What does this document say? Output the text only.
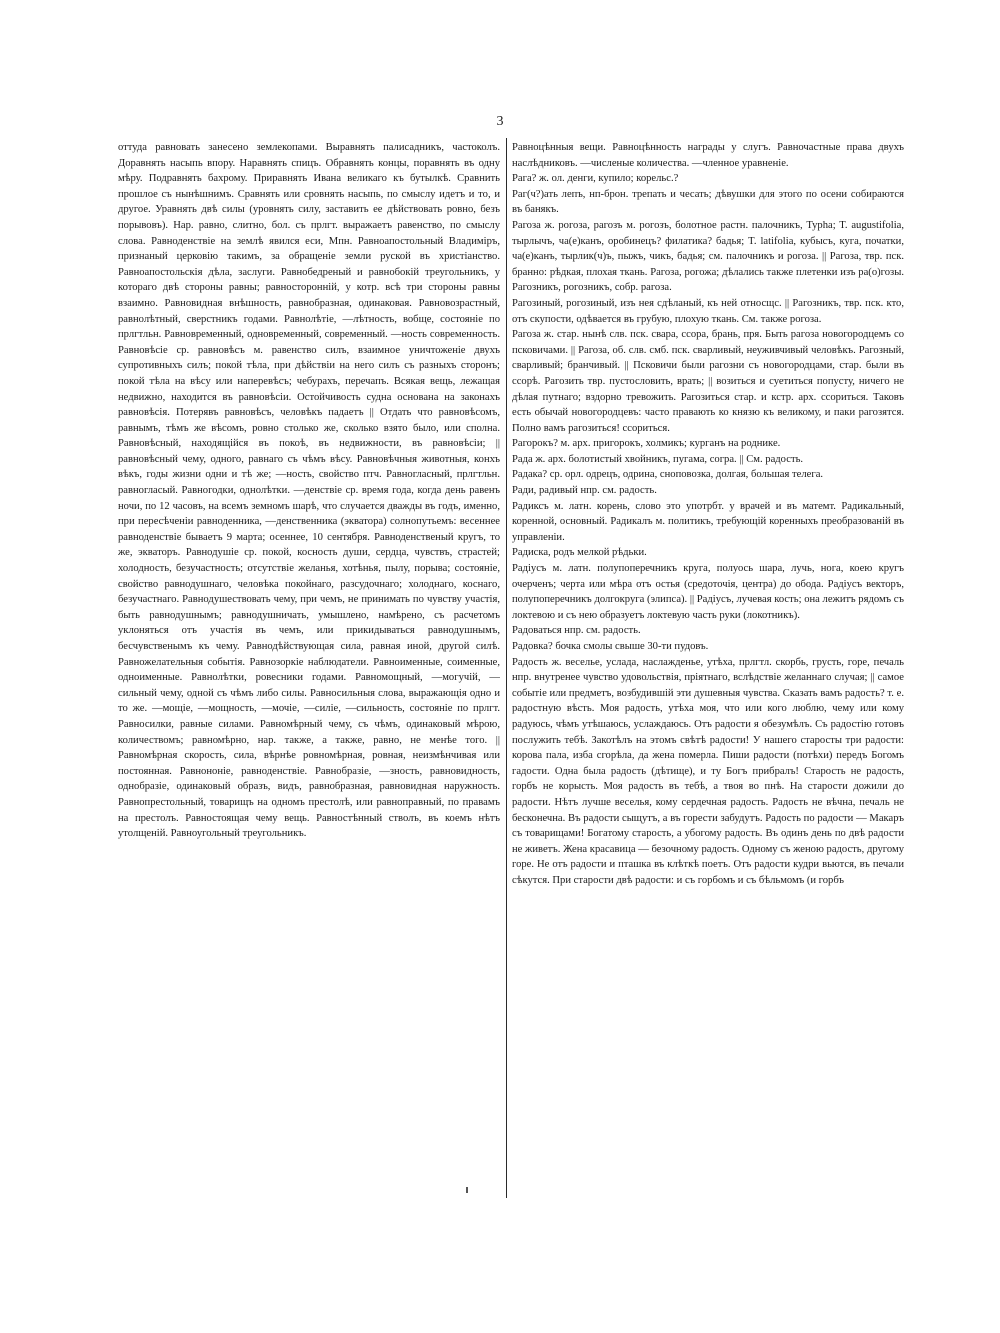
3

оттуда равновать занесено землекопами. Выравнять палисадникъ, частоколъ. Доравнять насыпь впору. Наравнять спицъ. Обравнять концы, поравнять въ одну мѣру. Подравнять бахрому. Приравнять Ивана великаго къ бутылкѣ. Сравнить прошлое съ нынѣшнимъ. Сравнять или сровнять насыпь, по смыслу идетъ и то, и другое. Уравнять двѣ силы (уровнять силу, заставить ее дѣйствовать ровно, безъ порывовъ). Нар. равно, слитно, бол. съ прлгт. выражаетъ равенство, по смыслу слова. Равноденствіе на землѣ явился еси, Мпн. Равноапостольный Владиміръ, признаный церковію такимъ, за обращеніе земли руской въ христіанство. Равноапостольскія дѣла, заслуги. Равнобедреный и равнобокій треугольникъ, у котораго двѣ стороны равны; равносторонній, у котр. всѣ три стороны равны взаимно. Равновидная внѣшность, равнобразная, одинаковая. Равновозрастный, равнолѣтный, сверстникъ годами. Равнолѣтіе, —лѣтность, вобще, состояніе по прлгтльн. Равновременный, одновременный, современный. —ность современность. Равновѣсіе ср. равновѣсъ м. равенство силъ, взаимное уничтоженіе двухъ супротивныхъ силъ; покой тѣла, при дѣйствіи на него силъ съ разныхъ сторонъ; покой тѣла на вѣсу или наперевѣсъ; чебурахъ, перечапъ. Всякая вещь, лежащая недвижно, находится въ равновѣсіи. Остойчивость судна основана на законахъ равновѣсія. Потерявъ равновѣсъ, человѣкъ падаетъ || Отдать что равновѣсомъ, равнымъ, тѣмъ же вѣсомъ, ровно столько же, сколько взято было, или сполна. Равновѣсный, находящійся въ покоѣ, въ недвижности, въ равновѣсіи; || равновѣсный чему, одного, равнаго съ чѣмъ вѣсу. Равновѣчныя животныя, конхъ вѣкъ, годы жизни одни и тѣ же; —ность, свойство птч. Равногласный, прлгтльн. равногласый. Равногодки, однолѣтки. —денствіе ср. время года, когда день равенъ ночи, по 12 часовъ, на всемъ земномъ шарѣ, что случается дважды въ годъ, именно, при пересѣченіи равноденника, —денственника (экватора) солнопутьемъ: весеннее равноденствіе бываетъ 9 марта; осеннее, 10 сентября. Равноденственый кругъ, то же, экваторъ. Равнодушіе ср. покой, косность души, сердца, чувствъ, страстей; холодность, безучастность; отсутствіе желанья, хотѣнья, пылу, порыва; состояніе, свойство равнодушнаго, человѣка покойнаго, разсудочнаго; холоднаго, коснаго, безучастнаго. Равнодушествовать чему, при чемъ, не принимать по чувству участія, быть равнодушнымъ; равнодушничать, умышлено, намѣрено, съ расчетомъ уклоняться отъ участія въ чемъ, или прикидываться равнодушнымъ, бесчувственымъ къ чему. Равнодѣйствующая сила, равная иной, другой силѣ. Равножелательныя событія. Равнозоркіе наблюдатели. Равноименные, соименные, одноименные. Равнолѣтки, ровесники годами. Равномощный, —могучій, —сильный чему, одной съ чѣмъ либо силы. Равносильныя слова, выражающія одно и то же. —мощіе, —мощность, —мочіе, —силіе, —сильность, состояніе по прлгт. Равносилки, равные силами. Равномѣрный чему, съ чѣмъ, одинаковый мѣрою, количествомъ; равномѣрно, нар. также, а также, равно, не менѣе того. || Равномѣрная скорость, сила, вѣрнѣе ровномѣрная, ровная, неизмѣнчивая или постоянная. Равнононіе, равноденствіе. Равнобразіе, —зность, равновидность, однобразіе, одинаковый образъ, видъ, равнобразная, равновидная наружность. Равнопрестольный, товарищъ на одномъ престолѣ, или равноправный, по правамъ на престолъ. Равностоящая чему вещь. Равностѣнный стволъ, въ коемъ нѣтъ утолщеній. Равноугольный треугольникъ.

Равноцѣнныя вещи. Равноцѣнность награды у слугъ. Равночастные права двухъ наслѣдниковъ. —численые количества. —членное уравненіе.

Рага? ж. ол. денги, купило; корельс.?

Раг(ч?)ать лепъ, нп-брон. трепать и чесать; дѣвушки для этого по осени собираются въ банякъ.

Рагоза ж. рогоза, рагозъ м. рогозъ, болотное растн. палочникъ, Typha; T. augustifolia, тырлычъ, ча(е)канъ, оробинецъ? филатика? бадья; T. latifolia, кубысъ, куга, початки, ча(е)канъ, тырлик(ч)ъ, пыжъ, чикъ, бадья; см. палочникъ и рогоза. || Рагоза, твр. пск. бранно: рѣдкая, плохая ткань. Рагоза, рогожа; дѣлались также плетенки изъ ра(о)гозы. Рагозникъ, рогозникъ, собр. рагоза.

Рагозиный, рогозиный, изъ нея сдѣланый, къ ней относщс. || Рагозникъ, твр. пск. кто, отъ скупости, одѣвается въ грубую, плохую ткань. См. также рогоза.

Рагоза ж. стар. нынѣ слв. пск. свара, ссора, брань, пря. Быть рагоза новогородцемъ со псковичами. || Рагоза, об. слв. смб. пск. сварливый, неуживчивый человѣкъ. Рагозный, сварливый; бранчивый. || Псковичи были рагозни съ новогородцами, стар. были въ ссорѣ. Рагозить твр. пустословить, врать; || возиться и суетиться попусту, ничего не дѣлая путнаго; вздорно тревожить. Рагозиться стар. и кстр. арх. ссориться. Таковъ есть обычай новогородцевъ: часто правають ко князю къ великому, и паки рагозятся. Полно вамъ рагозиться! ссориться.

Рагорокъ? м. арх. пригорокъ, холмикъ; курганъ на роднике.

Рада ж. арх. болотистый хвойникъ, пугама, согра. || См. радость.

Радака? ср. орл. одрецъ, одрина, сноповозка, долгая, большая телега.

Ради, радивый нпр. см. радость.

Радиксъ м. латн. корень, слово это употрбт. у врачей и въ матемт. Радикальный, коренной, основный. Радикалъ м. политикъ, требующій коренныхъ преобразованій въ управленіи.

Радиска, родъ мелкой рѣдьки.

Радіусъ м. латн. полупоперечникъ круга, полуось шара, лучь, нога, коею кругъ очерченъ; черта или мѣра отъ остья (средоточія, центра) до обода. Радіусъ векторъ, полупоперечникъ долгокруга (элипса). || Радіусъ, лучевая кость; она лежитъ рядомъ съ локтевою и съ нею образуетъ локтевую часть руки (локотникъ).

Радоваться нпр. см. радость.

Радовка? бочка смолы свыше 30-ти пудовъ.

Радость ж. веселье, услада, наслажденье, утѣха, прлгтл. скорбь, грусть, горе, печаль нпр. внутренее чувство удовольствія, пріятнаго, вслѣдствіе желаннаго случая; || самое событіе или предметъ, возбудившій эти душевныя чувства. Сказать вамъ радость? т. е. радостную вѣсть. Моя радость, утѣха моя, что или кого люблю, чему или кому радуюсь, чѣмъ утѣшаюсь, услаждаюсь. Отъ радости я обезумѣлъ. Съ радостію готовъ послужить тебѣ. Закотѣлъ на этомъ свѣтѣ радости! У нашего старосты три радости: корова пала, изба сгорѣла, да жена померла. Пиши радости (потѣхи) передъ Богомъ гадости. Одна была радость (дѣтище), и ту Богъ прибралъ! Старость не радость, горбъ не корысть. Моя радость въ тебѣ, а твоя во пнѣ. На старости дожили до радости. Нѣтъ лучше веселья, кому сердечная радость. Радость не вѣчна, печаль не бесконечна. Въ радости сыщутъ, а въ горести забудутъ. Радость по радости — Макаръ съ товарищами! Богатому старость, а убогому радость. Въ одинъ день по двѣ радости не живетъ. Жена красавица — безочному радость. Одному съ женою радость, другому горе. Не отъ радости и пташка въ клѣткѣ поетъ. Отъ радости кудри вьются, въ печали сѣкутся. При старости двѣ радости: и съ горбомъ и съ бѣльмомъ (и горбъ
